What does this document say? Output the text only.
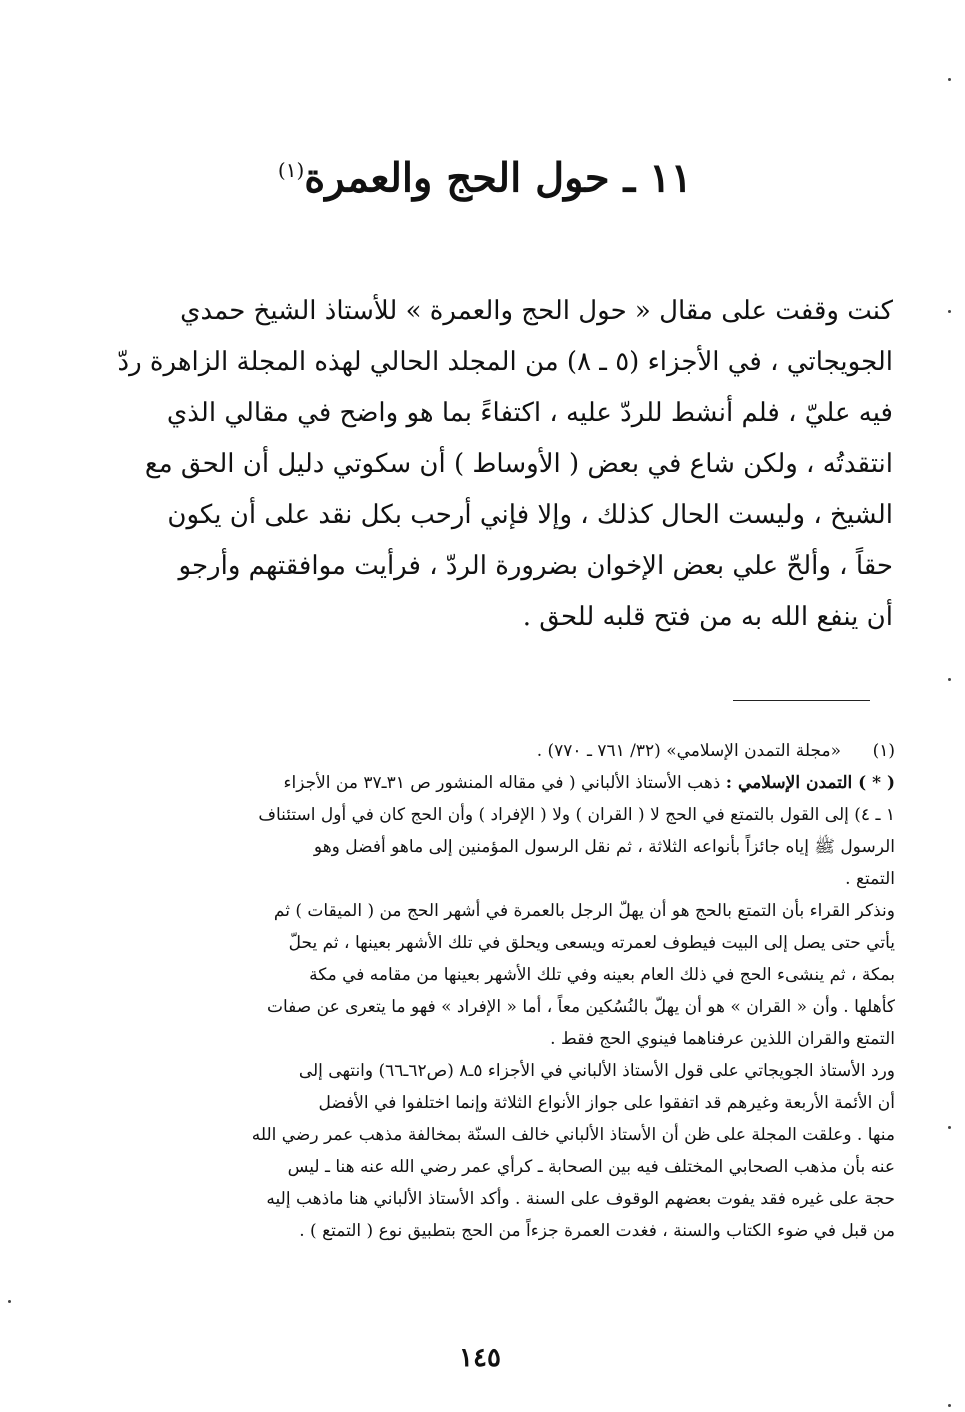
١١ ـ حول الحج والعمرة$^{(١)}$
كنت وقفت على مقال « حول الحج والعمرة » للأستاذ الشيخ حمدي
الجويجاتي ، في الأجزاء (٥ ـ ٨) من المجلد الحالي لهذه المجلة الزاهرة ردّ
فيه عليّ ، فلم أنشط للردّ عليه ، اكتفاءً بما هو واضح في مقالي الذي
انتقدتُه ، ولكن شاع في بعض ( الأوساط ) أن سكوتي دليل أن الحق مع
الشيخ ، وليست الحال كذلك ، وإلا فإني أرحب بكل نقد على أن يكون
حقاً ، وألحّ علي بعض الإخوان بضرورة الردّ ، فرأيت موافقتهم وأرجو
أن ينفع الله به من فتح قلبه للحق .
(١)«مجلة التمدن الإسلامي» (٣٢/ ٧٦١ ـ ٧٧٠) .
( * ) التمدن الإسلامي : ذهب الأستاذ الألباني ( في مقاله المنشور ص ٣١ـ٣٧ من الأجزاء
١ ـ ٤) إلى القول بالتمتع في الحج لا ( القران ) ولا ( الإفراد ) وأن الحج كان في أول استئناف
الرسول ﷺ إياه جائزاً بأنواعه الثلاثة ، ثم نقل الرسول المؤمنين إلى ماهو أفضل وهو
التمتع .
ونذكر القراء بأن التمتع بالحج هو أن يهلّ الرجل بالعمرة في أشهر الحج من ( الميقات ) ثم
يأتي حتى يصل إلى البيت فيطوف لعمرته ويسعى ويحلق في تلك الأشهر بعينها ، ثم يحلّ
بمكة ، ثم ينشىء الحج في ذلك العام بعينه وفي تلك الأشهر بعينها من مقامه في مكة
كأهلها . وأن « القران » هو أن يهلّ بالنُسُكين معاً ، أما « الإفراد » فهو ما يتعرى عن صفات
التمتع والقران اللذين عرفناهما فينوي الحج فقط .
ورد الأستاذ الجويجاتي على قول الأستاذ الألباني في الأجزاء ٥ـ٨ (ص٦٢ـ٦٦) وانتهى إلى
أن الأئمة الأربعة وغيرهم قد اتفقوا على جواز الأنواع الثلاثة وإنما اختلفوا في الأفضل
منها . وعلقت المجلة على ظن أن الأستاذ الألباني خالف السنّة بمخالفة مذهب عمر رضي الله
عنه بأن مذهب الصحابي المختلف فيه بين الصحابة ـ كرأي عمر رضي الله عنه هنا ـ ليس
حجة على غيره فقد يفوت بعضهم الوقوف على السنة . وأكد الأستاذ الألباني هنا ماذهب إليه
من قبل في ضوء الكتاب والسنة ، فغدت العمرة جزءاً من الحج بتطبيق نوع ( التمتع ) .
١٤٥
